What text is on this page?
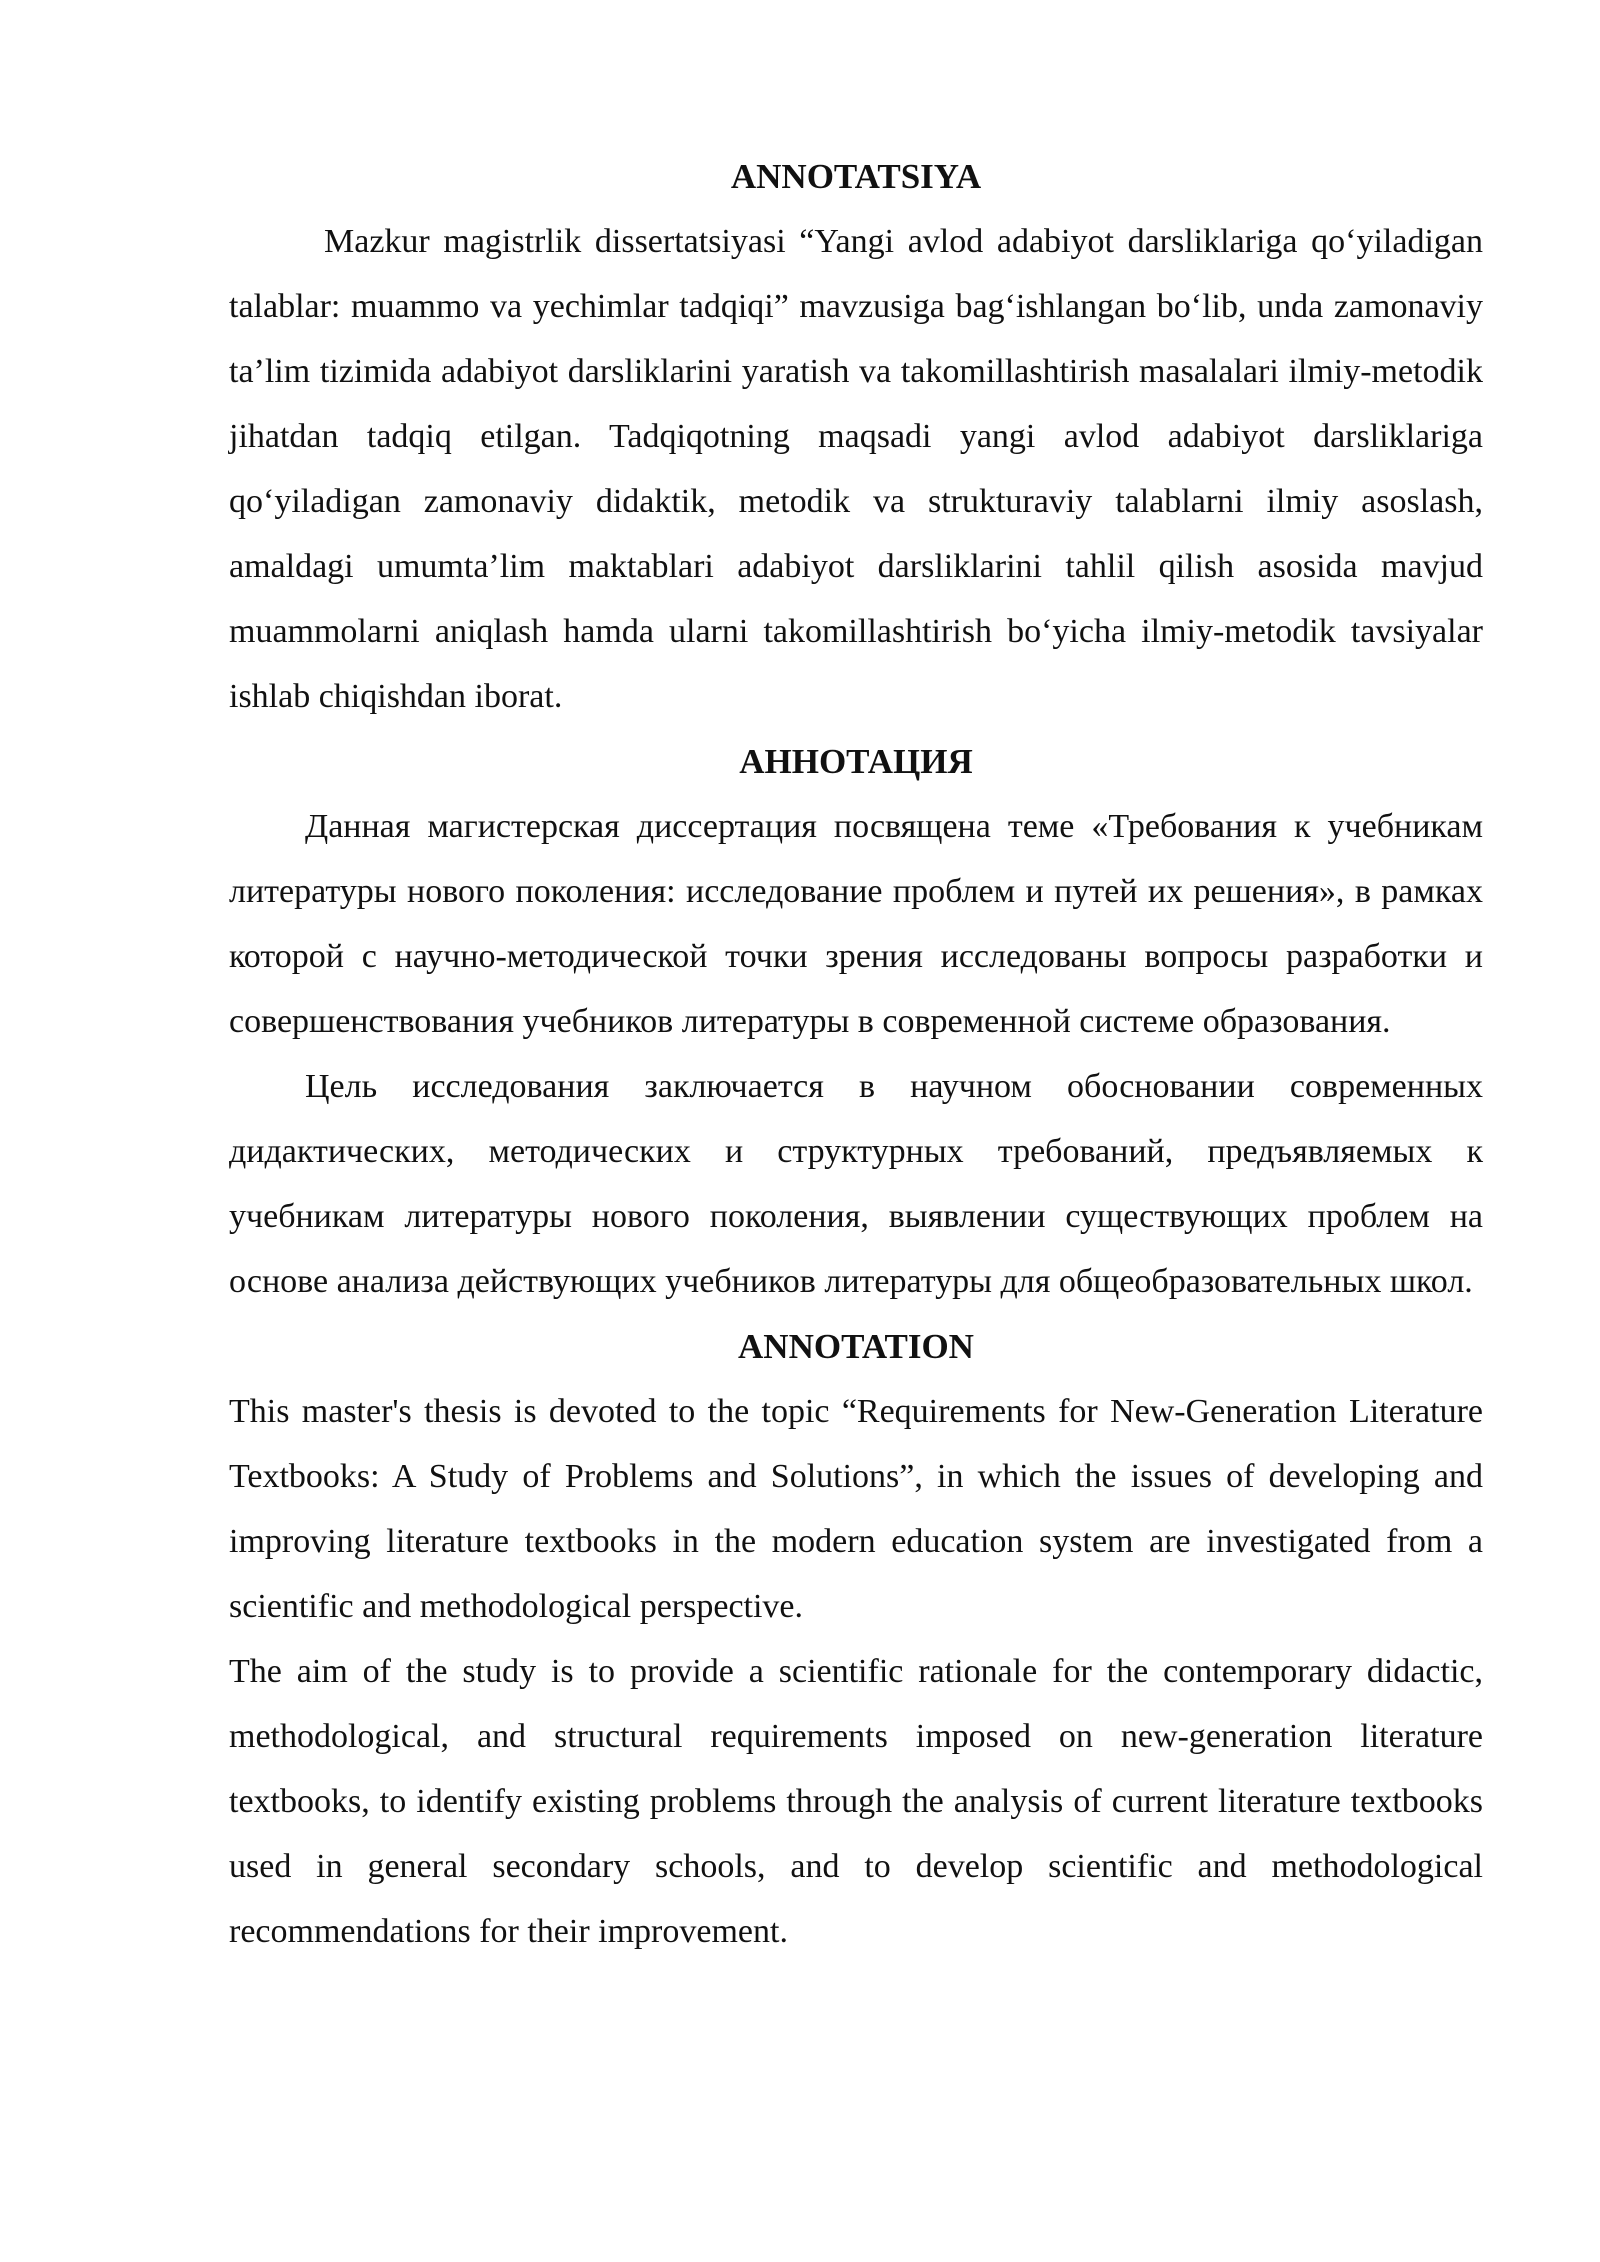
ANNOTATSIYA

Mazkur magistrlik dissertatsiyasi “Yangi avlod adabiyot darsliklariga qo‘yiladigan talablar: muammo va yechimlar tadqiqi” mavzusiga bag‘ishlangan bo‘lib, unda zamonaviy ta’lim tizimida adabiyot darsliklarini yaratish va takomillashtirish masalalari ilmiy-metodik jihatdan tadqiq etilgan. Tadqiqotning maqsadi yangi avlod adabiyot darsliklariga qo‘yiladigan zamonaviy didaktik, metodik va strukturaviy talablarni ilmiy asoslash, amaldagi umumta’lim maktablari adabiyot darsliklarini tahlil qilish asosida mavjud muammolarni aniqlash hamda ularni takomillashtirish bo‘yicha ilmiy-metodik tavsiyalar ishlab chiqishdan iborat.

АННОТАЦИЯ

Данная магистерская диссертация посвящена теме «Требования к учебникам литературы нового поколения: исследование проблем и путей их решения», в рамках которой с научно-методической точки зрения исследованы вопросы разработки и совершенствования учебников литературы в современной системе образования.

Цель исследования заключается в научном обосновании современных дидактических, методических и структурных требований, предъявляемых к учебникам литературы нового поколения, выявлении существующих проблем на основе анализа действующих учебников литературы для общеобразовательных школ.

ANNOTATION

This master's thesis is devoted to the topic “Requirements for New-Generation Literature Textbooks: A Study of Problems and Solutions”, in which the issues of developing and improving literature textbooks in the modern education system are investigated from a scientific and methodological perspective.

The aim of the study is to provide a scientific rationale for the contemporary didactic, methodological, and structural requirements imposed on new-generation literature textbooks, to identify existing problems through the analysis of current literature textbooks used in general secondary schools, and to develop scientific and methodological recommendations for their improvement.
